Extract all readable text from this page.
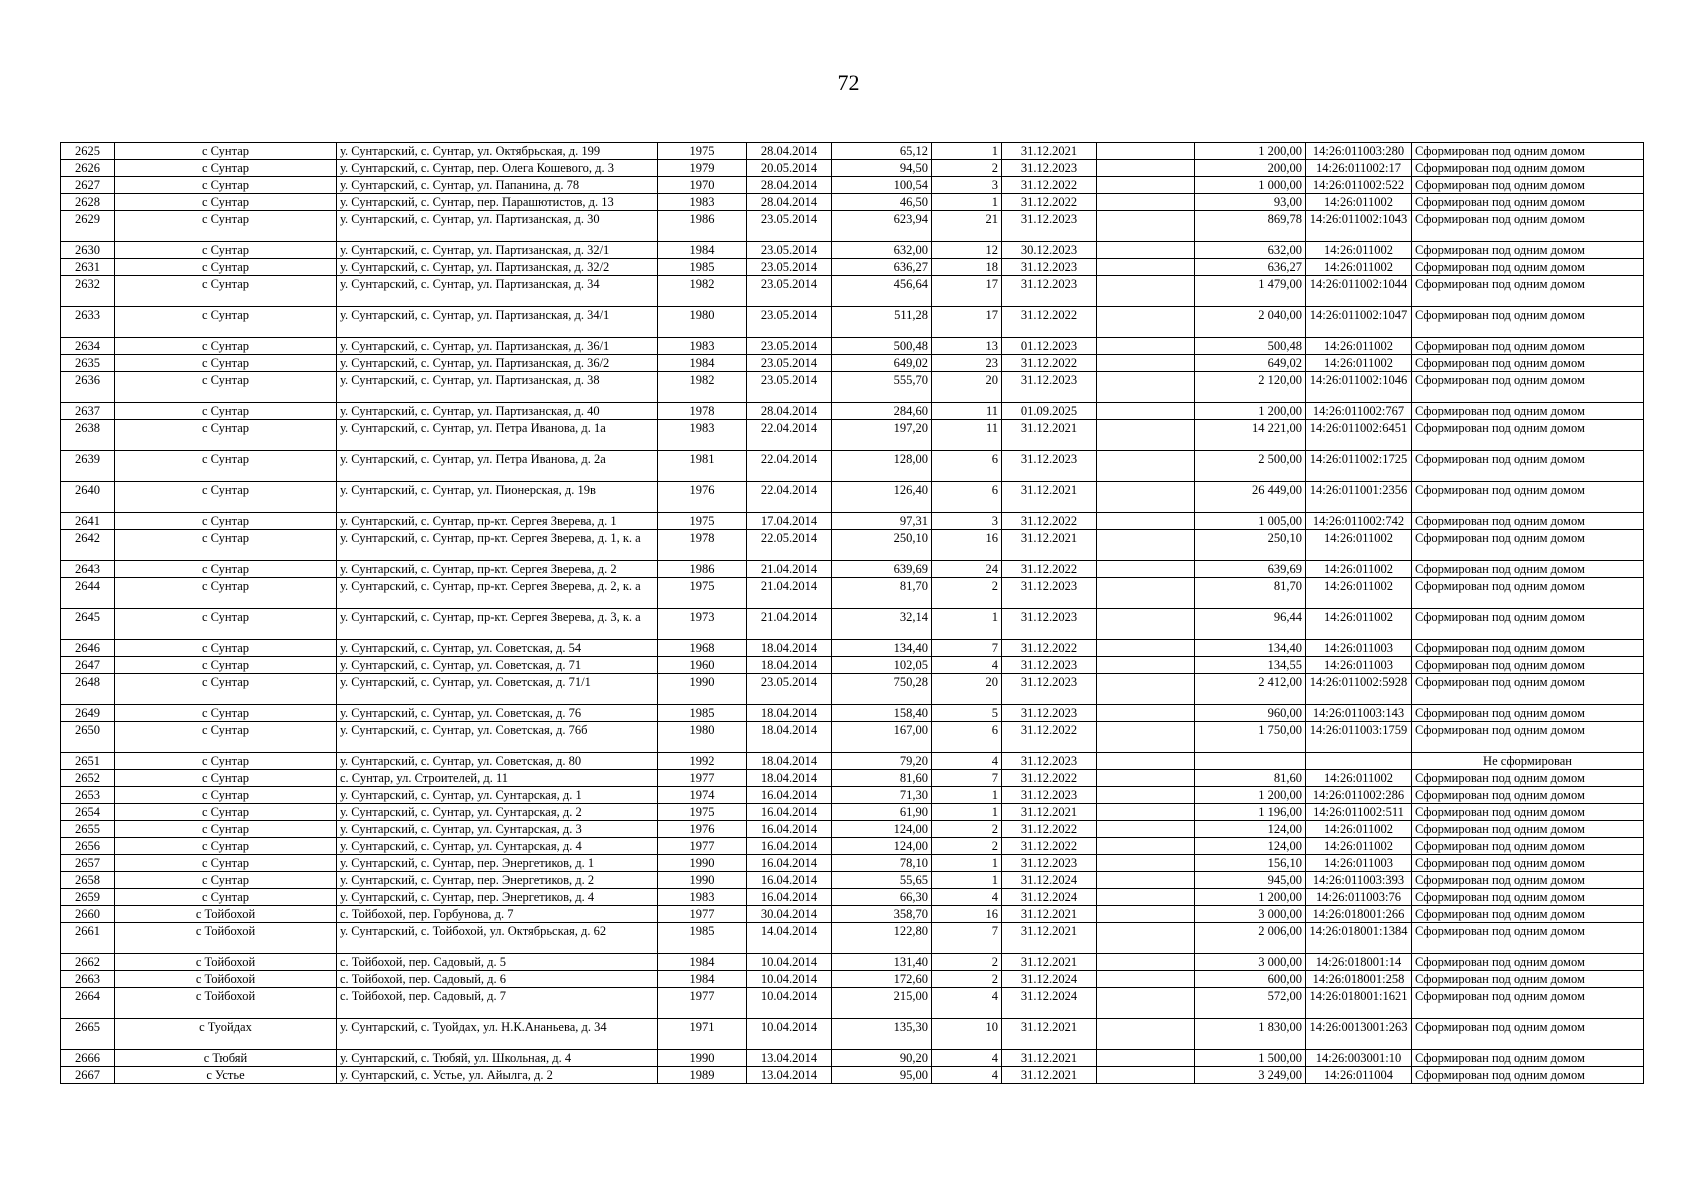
72
2625	с Сунтар	у. Сунтарский, с. Сунтар, ул. Октябрьская, д. 199	1975	28.04.2014	65,12	1	31.12.2021		1 200,00	14:26:011003:280	Сформирован под одним домом
2626	с Сунтар	у. Сунтарский, с. Сунтар, пер. Олега Кошевого, д. 3	1979	20.05.2014	94,50	2	31.12.2023		200,00	14:26:011002:17	Сформирован под одним домом
2627	с Сунтар	у. Сунтарский, с. Сунтар, ул. Папанина, д. 78	1970	28.04.2014	100,54	3	31.12.2022		1 000,00	14:26:011002:522	Сформирован под одним домом
2628	с Сунтар	у. Сунтарский, с. Сунтар, пер. Парашютистов, д. 13	1983	28.04.2014	46,50	1	31.12.2022		93,00	14:26:011002	Сформирован под одним домом
2629	с Сунтар	у. Сунтарский, с. Сунтар, ул. Партизанская, д. 30	1986	23.05.2014	623,94	21	31.12.2023		869,78	14:26:011002:1043	Сформирован под одним домом
2630	с Сунтар	у. Сунтарский, с. Сунтар, ул. Партизанская, д. 32/1	1984	23.05.2014	632,00	12	30.12.2023		632,00	14:26:011002	Сформирован под одним домом
2631	с Сунтар	у. Сунтарский, с. Сунтар, ул. Партизанская, д. 32/2	1985	23.05.2014	636,27	18	31.12.2023		636,27	14:26:011002	Сформирован под одним домом
2632	с Сунтар	у. Сунтарский, с. Сунтар, ул. Партизанская, д. 34	1982	23.05.2014	456,64	17	31.12.2023		1 479,00	14:26:011002:1044	Сформирован под одним домом
2633	с Сунтар	у. Сунтарский, с. Сунтар, ул. Партизанская, д. 34/1	1980	23.05.2014	511,28	17	31.12.2022		2 040,00	14:26:011002:1047	Сформирован под одним домом
2634	с Сунтар	у. Сунтарский, с. Сунтар, ул. Партизанская, д. 36/1	1983	23.05.2014	500,48	13	01.12.2023		500,48	14:26:011002	Сформирован под одним домом
2635	с Сунтар	у. Сунтарский, с. Сунтар, ул. Партизанская, д. 36/2	1984	23.05.2014	649,02	23	31.12.2022		649,02	14:26:011002	Сформирован под одним домом
2636	с Сунтар	у. Сунтарский, с. Сунтар, ул. Партизанская, д. 38	1982	23.05.2014	555,70	20	31.12.2023		2 120,00	14:26:011002:1046	Сформирован под одним домом
2637	с Сунтар	у. Сунтарский, с. Сунтар, ул. Партизанская, д. 40	1978	28.04.2014	284,60	11	01.09.2025		1 200,00	14:26:011002:767	Сформирован под одним домом
2638	с Сунтар	у. Сунтарский, с. Сунтар, ул. Петра Иванова, д. 1а	1983	22.04.2014	197,20	11	31.12.2021		14 221,00	14:26:011002:6451	Сформирован под одним домом
2639	с Сунтар	у. Сунтарский, с. Сунтар, ул. Петра Иванова, д. 2а	1981	22.04.2014	128,00	6	31.12.2023		2 500,00	14:26:011002:1725	Сформирован под одним домом
2640	с Сунтар	у. Сунтарский, с. Сунтар, ул. Пионерская, д. 19в	1976	22.04.2014	126,40	6	31.12.2021		26 449,00	14:26:011001:2356	Сформирован под одним домом
2641	с Сунтар	у. Сунтарский, с. Сунтар, пр-кт. Сергея Зверева, д. 1	1975	17.04.2014	97,31	3	31.12.2022		1 005,00	14:26:011002:742	Сформирован под одним домом
2642	с Сунтар	у. Сунтарский, с. Сунтар, пр-кт. Сергея Зверева, д. 1, к. а	1978	22.05.2014	250,10	16	31.12.2021		250,10	14:26:011002	Сформирован под одним домом
2643	с Сунтар	у. Сунтарский, с. Сунтар, пр-кт. Сергея Зверева, д. 2	1986	21.04.2014	639,69	24	31.12.2022		639,69	14:26:011002	Сформирован под одним домом
2644	с Сунтар	у. Сунтарский, с. Сунтар, пр-кт. Сергея Зверева, д. 2, к. а	1975	21.04.2014	81,70	2	31.12.2023		81,70	14:26:011002	Сформирован под одним домом
2645	с Сунтар	у. Сунтарский, с. Сунтар, пр-кт. Сергея Зверева, д. 3, к. а	1973	21.04.2014	32,14	1	31.12.2023		96,44	14:26:011002	Сформирован под одним домом
2646	с Сунтар	у. Сунтарский, с. Сунтар, ул. Советская, д. 54	1968	18.04.2014	134,40	7	31.12.2022		134,40	14:26:011003	Сформирован под одним домом
2647	с Сунтар	у. Сунтарский, с. Сунтар, ул. Советская, д. 71	1960	18.04.2014	102,05	4	31.12.2023		134,55	14:26:011003	Сформирован под одним домом
2648	с Сунтар	у. Сунтарский, с. Сунтар, ул. Советская, д. 71/1	1990	23.05.2014	750,28	20	31.12.2023		2 412,00	14:26:011002:5928	Сформирован под одним домом
2649	с Сунтар	у. Сунтарский, с. Сунтар, ул. Советская, д. 76	1985	18.04.2014	158,40	5	31.12.2023		960,00	14:26:011003:143	Сформирован под одним домом
2650	с Сунтар	у. Сунтарский, с. Сунтар, ул. Советская, д. 76б	1980	18.04.2014	167,00	6	31.12.2022		1 750,00	14:26:011003:1759	Сформирован под одним домом
2651	с Сунтар	у. Сунтарский, с. Сунтар, ул. Советская, д. 80	1992	18.04.2014	79,20	4	31.12.2023				Не сформирован
2652	с Сунтар	с. Сунтар, ул. Строителей, д. 11	1977	18.04.2014	81,60	7	31.12.2022		81,60	14:26:011002	Сформирован под одним домом
2653	с Сунтар	у. Сунтарский, с. Сунтар, ул. Сунтарская, д. 1	1974	16.04.2014	71,30	1	31.12.2023		1 200,00	14:26:011002:286	Сформирован под одним домом
2654	с Сунтар	у. Сунтарский, с. Сунтар, ул. Сунтарская, д. 2	1975	16.04.2014	61,90	1	31.12.2021		1 196,00	14:26:011002:511	Сформирован под одним домом
2655	с Сунтар	у. Сунтарский, с. Сунтар, ул. Сунтарская, д. 3	1976	16.04.2014	124,00	2	31.12.2022		124,00	14:26:011002	Сформирован под одним домом
2656	с Сунтар	у. Сунтарский, с. Сунтар, ул. Сунтарская, д. 4	1977	16.04.2014	124,00	2	31.12.2022		124,00	14:26:011002	Сформирован под одним домом
2657	с Сунтар	у. Сунтарский, с. Сунтар, пер. Энергетиков, д. 1	1990	16.04.2014	78,10	1	31.12.2023		156,10	14:26:011003	Сформирован под одним домом
2658	с Сунтар	у. Сунтарский, с. Сунтар, пер. Энергетиков, д. 2	1990	16.04.2014	55,65	1	31.12.2024		945,00	14:26:011003:393	Сформирован под одним домом
2659	с Сунтар	у. Сунтарский, с. Сунтар, пер. Энергетиков, д. 4	1983	16.04.2014	66,30	4	31.12.2024		1 200,00	14:26:011003:76	Сформирован под одним домом
2660	с Тойбохой	с. Тойбохой, пер. Горбунова, д. 7	1977	30.04.2014	358,70	16	31.12.2021		3 000,00	14:26:018001:266	Сформирован под одним домом
2661	с Тойбохой	у. Сунтарский, с. Тойбохой, ул. Октябрьская, д. 62	1985	14.04.2014	122,80	7	31.12.2021		2 006,00	14:26:018001:1384	Сформирован под одним домом
2662	с Тойбохой	с. Тойбохой, пер. Садовый, д. 5	1984	10.04.2014	131,40	2	31.12.2021		3 000,00	14:26:018001:14	Сформирован под одним домом
2663	с Тойбохой	с. Тойбохой, пер. Садовый, д. 6	1984	10.04.2014	172,60	2	31.12.2024		600,00	14:26:018001:258	Сформирован под одним домом
2664	с Тойбохой	с. Тойбохой, пер. Садовый, д. 7	1977	10.04.2014	215,00	4	31.12.2024		572,00	14:26:018001:1621	Сформирован под одним домом
2665	с Туойдах	у. Сунтарский, с. Туойдах, ул. Н.К.Ананьева, д. 34	1971	10.04.2014	135,30	10	31.12.2021		1 830,00	14:26:0013001:263	Сформирован под одним домом
2666	с Тюбяй	у. Сунтарский, с. Тюбяй, ул. Школьная, д. 4	1990	13.04.2014	90,20	4	31.12.2021		1 500,00	14:26:003001:10	Сформирован под одним домом
2667	с Устье	у. Сунтарский, с. Устье, ул. Айылга, д. 2	1989	13.04.2014	95,00	4	31.12.2021		3 249,00	14:26:011004	Сформирован под одним домом
